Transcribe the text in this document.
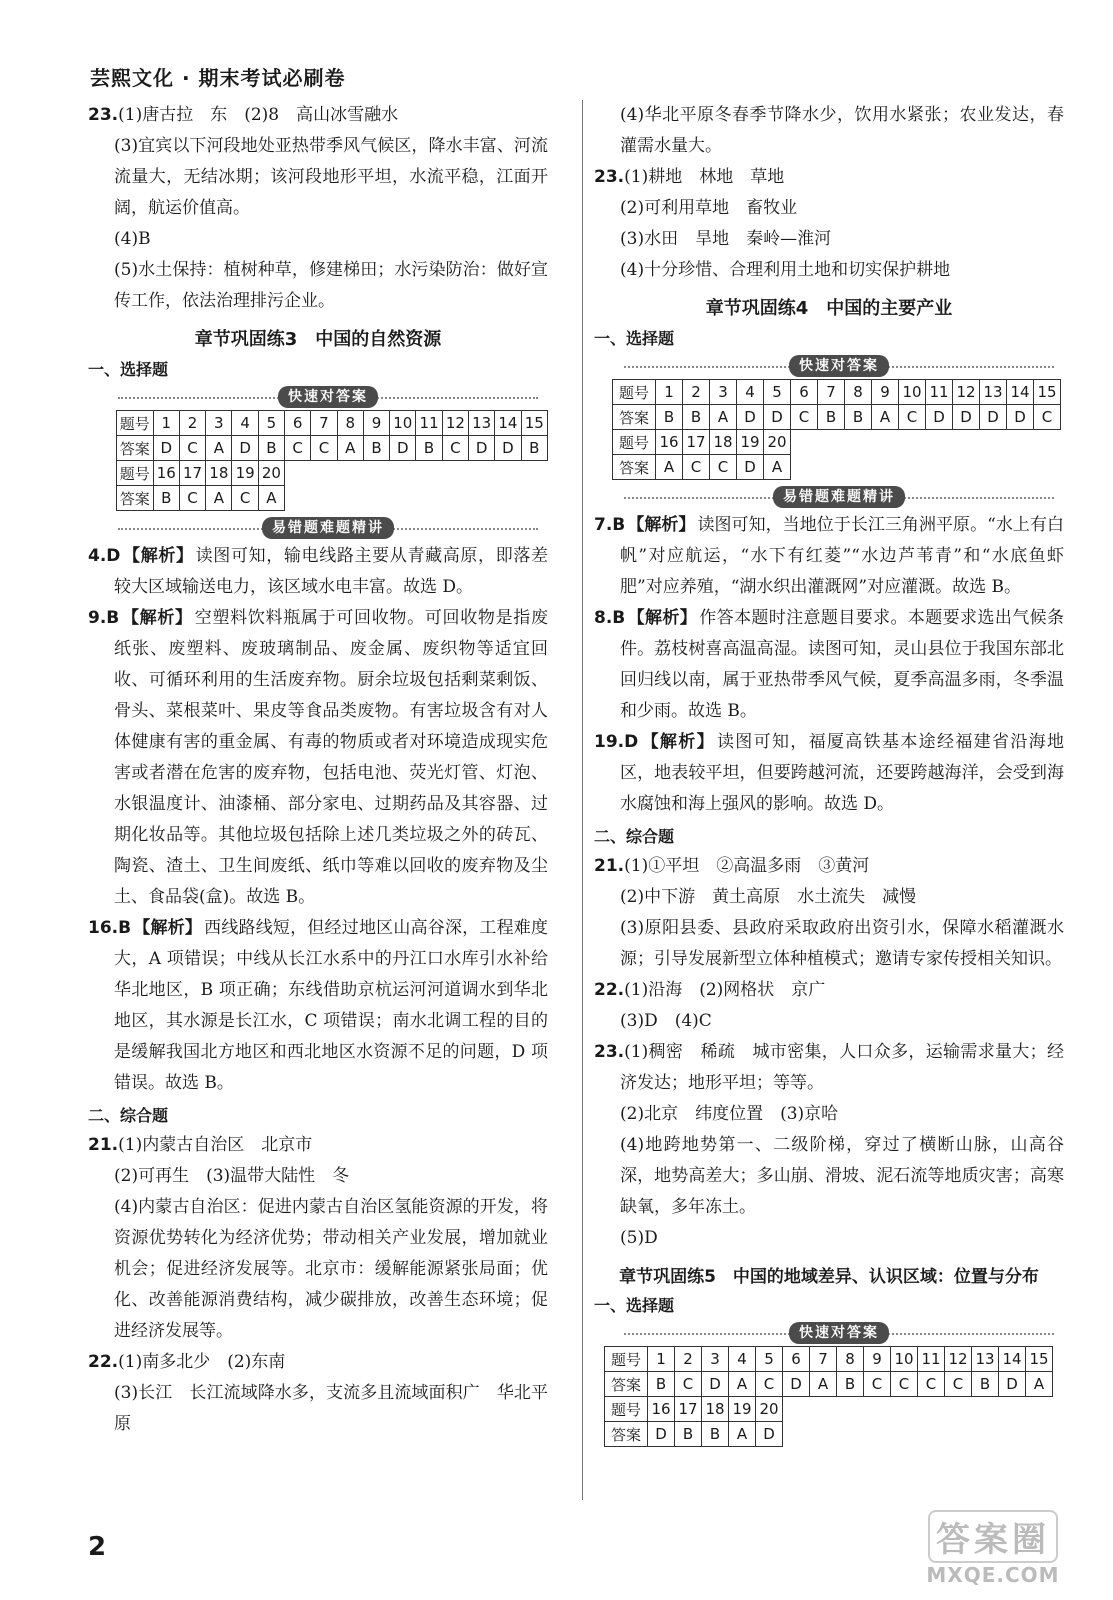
芸熙文化 · 期末考试必刷卷

23.(1)唐古拉　东　(2)8　高山冰雪融水

(3)宜宾以下河段地处亚热带季风气候区，降水丰富、河流流量大，无结冰期；该河段地形平坦，水流平稳，江面开阔，航运价值高。

(4)B

(5)水土保持：植树种草，修建梯田；水污染防治：做好宣传工作，依法治理排污企业。

章节巩固练3　中国的自然资源
一、选择题
快速对答案
题号	1	2	3	4	5	6	7	8	9	10	11	12	13	14	15
答案	D	C	A	D	B	C	C	A	B	D	B	C	D	D	B
题号	16	17	18	19	20										
答案	B	C	A	C	A										
易错题难题精讲

4.D 【解析】 读图可知，输电线路主要从青藏高原，即落差较大区域输送电力，该区域水电丰富。故选 D。

9.B 【解析】 空塑料饮料瓶属于可回收物。可回收物是指废纸张、废塑料、废玻璃制品、废金属、废织物等适宜回收、可循环利用的生活废弃物。厨余垃圾包括剩菜剩饭、骨头、菜根菜叶、果皮等食品类废物。有害垃圾含有对人体健康有害的重金属、有毒的物质或者对环境造成现实危害或者潜在危害的废弃物，包括电池、荧光灯管、灯泡、水银温度计、油漆桶、部分家电、过期药品及其容器、过期化妆品等。其他垃圾包括除上述几类垃圾之外的砖瓦、陶瓷、渣土、卫生间废纸、纸巾等难以回收的废弃物及尘土、食品袋(盒)。故选 B。

16.B 【解析】 西线路线短，但经过地区山高谷深，工程难度大，A 项错误；中线从长江水系中的丹江口水库引水补给华北地区，B 项正确；东线借助京杭运河河道调水到华北地区，其水源是长江水，C 项错误；南水北调工程的目的是缓解我国北方地区和西北地区水资源不足的问题，D 项错误。故选 B。

二、综合题

21.(1)内蒙古自治区　北京市

(2)可再生　(3)温带大陆性　冬

(4)内蒙古自治区：促进内蒙古自治区氢能资源的开发，将资源优势转化为经济优势；带动相关产业发展，增加就业机会；促进经济发展等。北京市：缓解能源紧张局面；优化、改善能源消费结构，减少碳排放，改善生态环境；促进经济发展等。

22.(1)南多北少　(2)东南

(3)长江　长江流域降水多，支流多且流域面积广　华北平原

(4)华北平原冬春季节降水少，饮用水紧张；农业发达，春灌需水量大。

23.(1)耕地　林地　草地

(2)可利用草地　畜牧业

(3)水田　旱地　秦岭—淮河

(4)十分珍惜、合理利用土地和切实保护耕地

章节巩固练4　中国的主要产业
一、选择题
快速对答案
题号	1	2	3	4	5	6	7	8	9	10	11	12	13	14	15
答案	B	B	A	D	D	C	B	B	A	C	D	D	D	D	C
题号	16	17	18	19	20										
答案	A	C	C	D	A										
易错题难题精讲

7.B 【解析】 读图可知，当地位于长江三角洲平原。“水上有白帆”对应航运，“水下有红菱”“水边芦苇青”和“水底鱼虾肥”对应养殖，“湖水织出灌溉网”对应灌溉。故选 B。

8.B 【解析】 作答本题时注意题目要求。本题要求选出气候条件。荔枝树喜高温高湿。读图可知，灵山县位于我国东部北回归线以南，属于亚热带季风气候，夏季高温多雨，冬季温和少雨。故选 B。

19.D 【解析】 读图可知，福厦高铁基本途经福建省沿海地区，地表较平坦，但要跨越河流，还要跨越海洋，会受到海水腐蚀和海上强风的影响。故选 D。

二、综合题

21.(1)①平坦　②高温多雨　③黄河

(2)中下游　黄土高原　水土流失　减慢

(3)原阳县委、县政府采取政府出资引水，保障水稻灌溉水源；引导发展新型立体种植模式；邀请专家传授相关知识。

22.(1)沿海　(2)网格状　京广

(3)D　(4)C

23.(1)稠密　稀疏　城市密集，人口众多，运输需求量大；经济发达；地形平坦；等等。

(2)北京　纬度位置　(3)京哈

(4)地跨地势第一、二级阶梯，穿过了横断山脉，山高谷深，地势高差大；多山崩、滑坡、泥石流等地质灾害；高寒缺氧，多年冻土。

(5)D

章节巩固练5　中国的地域差异、认识区域：位置与分布
一、选择题
快速对答案
题号	1	2	3	4	5	6	7	8	9	10	11	12	13	14	15
答案	B	C	D	A	C	D	A	B	C	C	C	C	B	D	A
题号	16	17	18	19	20										
答案	D	B	B	A	D										
2	答案圈
MXQE.COM
